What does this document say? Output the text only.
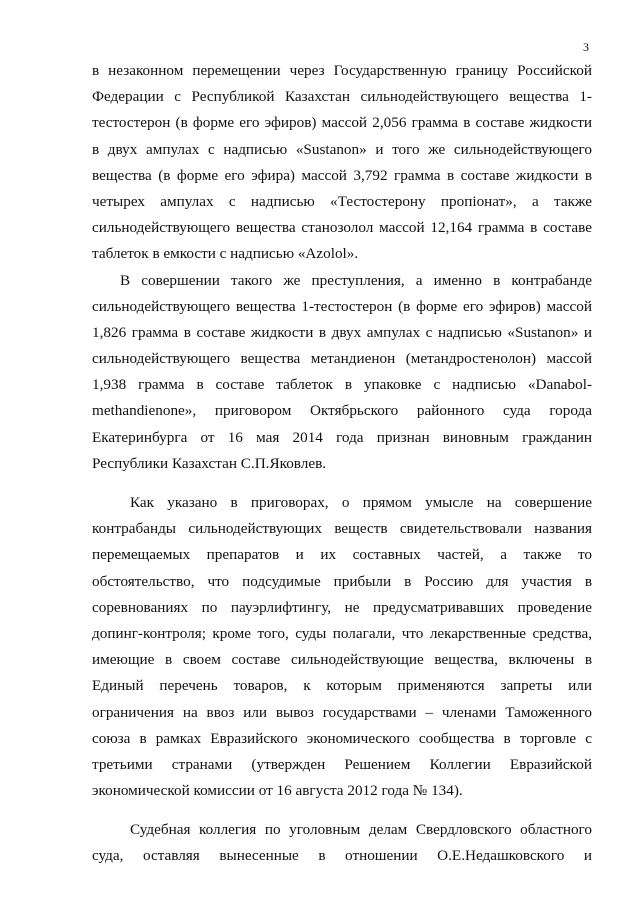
3
в незаконном перемещении через Государственную границу Российской
Федерации с Республикой Казахстан сильнодействующего вещества 1-
тестостерон (в форме его эфиров) массой 2,056 грамма в составе жидкости
в двух ампулах с надписью «Sustanon» и того же сильнодействующего
вещества (в форме его эфира) массой 3,792 грамма в составе жидкости в
четырех ампулах с надписью «Тестостерону пропіонат», а также
сильнодействующего вещества станозолол массой 12,164 грамма в составе
таблеток в емкости с надписью «Azolol».
В совершении такого же преступления, а именно в контрабанде
сильнодействующего вещества 1-тестостерон (в форме его эфиров) массой
1,826 грамма в составе жидкости в двух ампулах с надписью «Sustanon» и
сильнодействующего вещества метандиенон (метандростенолон) массой
1,938 грамма в составе таблеток в упаковке с надписью «Danabol-
methandienone», приговором Октябрьского районного суда города
Екатеринбурга от 16 мая 2014 года признан виновным гражданин
Республики Казахстан С.П.Яковлев.
Как указано в приговорах, о прямом умысле на совершение
контрабанды сильнодействующих веществ свидетельствовали названия
перемещаемых препаратов и их составных частей, а также то
обстоятельство, что подсудимые прибыли в Россию для участия в
соревнованиях по пауэрлифтингу, не предусматривавших проведение
допинг-контроля; кроме того, суды полагали, что лекарственные средства,
имеющие в своем составе сильнодействующие вещества, включены в
Единый перечень товаров, к которым применяются запреты или
ограничения на ввоз или вывоз государствами – членами Таможенного
союза в рамках Евразийского экономического сообщества в торговле с
третьими странами (утвержден Решением Коллегии Евразийской
экономической комиссии от 16 августа 2012 года № 134).
Судебная коллегия по уголовным делам Свердловского областного
суда, оставляя вынесенные в отношении О.Е.Недашковского и
